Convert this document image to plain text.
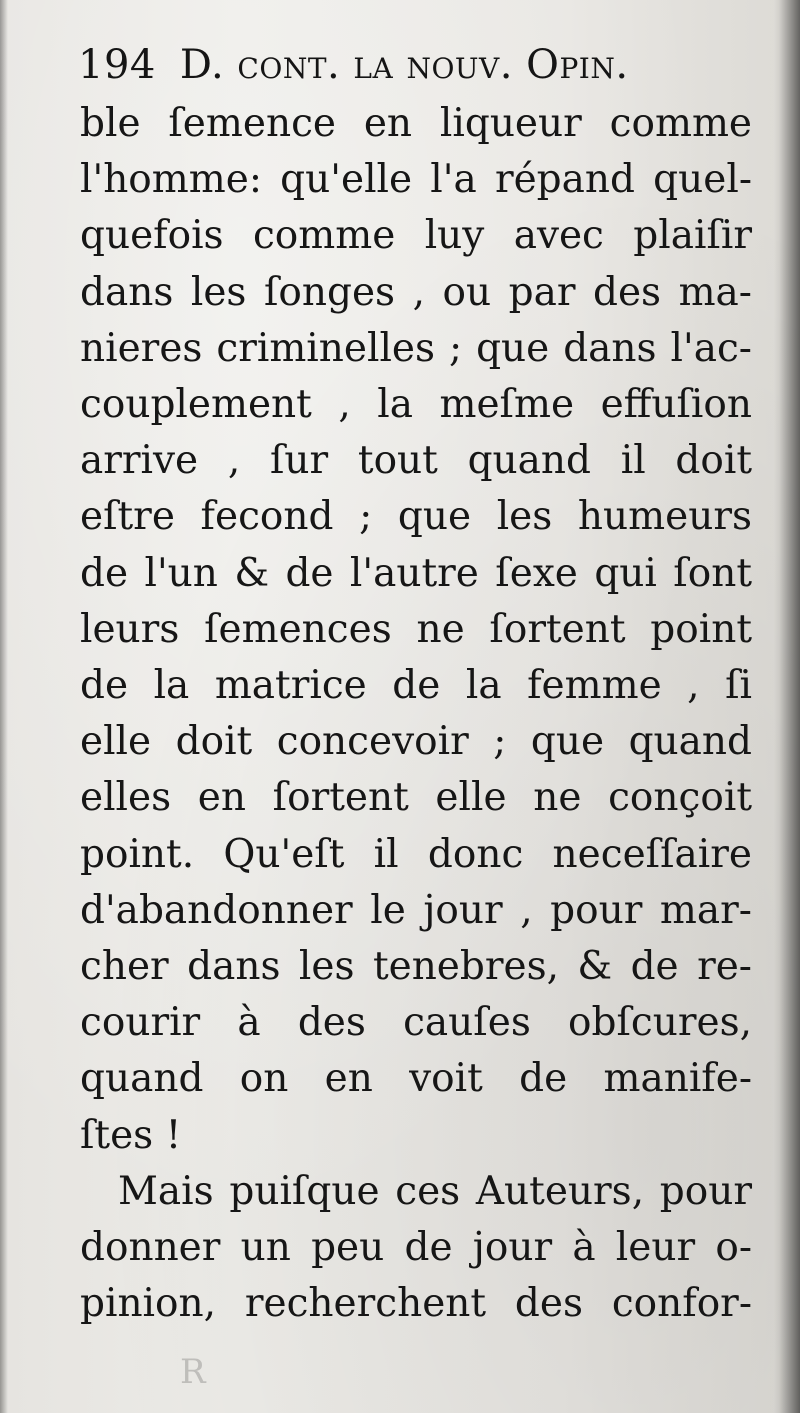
194 D. cont. la nouv. Opin.
ble ſemence en liqueur comme
l'homme: qu'elle l'a répand quel-
quefois comme luy avec plaiſir
dans les ſonges , ou par des ma-
nieres criminelles ; que dans l'ac-
couplement , la meſme effuſion
arrive , ſur tout quand il doit
eſtre fecond ; que les humeurs
de l'un & de l'autre ſexe qui ſont
leurs ſemences ne ſortent point
de la matrice de la femme , ſi
elle doit concevoir ; que quand
elles en ſortent elle ne conçoit
point. Qu'eſt il donc neceſſaire
d'abandonner le jour , pour mar-
cher dans les tenebres, & de re-
courir à des cauſes obſcures,
quand on en voit de manife-
ſtes !
Mais puiſque ces Auteurs, pour
donner un peu de jour à leur o-
pinion, recherchent des confor-
R
